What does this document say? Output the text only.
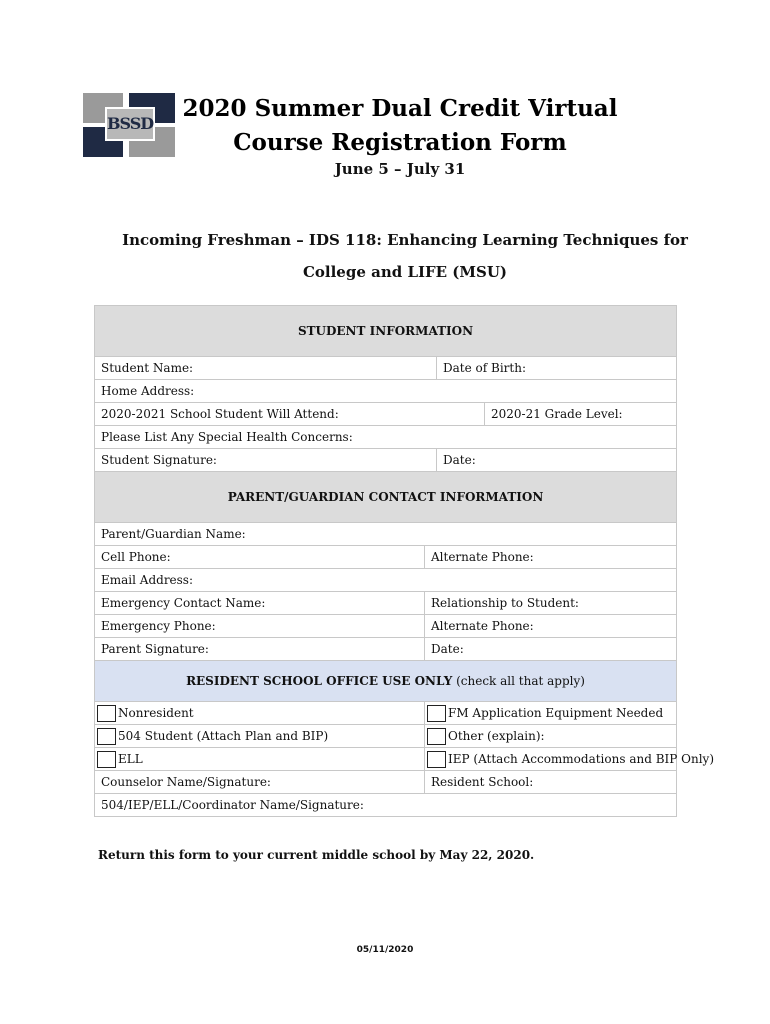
BSSD
2020 Summer Dual Credit Virtual
Course Registration Form
June 5 – July 31
Incoming Freshman – IDS 118: Enhancing Learning Techniques for
College and LIFE (MSU)
STUDENT INFORMATION			
Student Name:		Date of Birth:	
Home Address:			
2020-2021 School Student Will Attend:			2020-21 Grade Level:
Please List Any Special Health Concerns:			
Student Signature:		Date:	
PARENT/GUARDIAN CONTACT INFORMATION			
Parent/Guardian Name:			
Cell Phone:	Alternate Phone:		
Email Address:			
Emergency Contact Name:	Relationship to Student:		
Emergency Phone:	Alternate Phone:		
Parent Signature:	Date:		
RESIDENT SCHOOL OFFICE USE ONLY (check all that apply)			
Nonresident	FM Application Equipment Needed		
504 Student (Attach Plan and BIP)	Other (explain):		
ELL	IEP (Attach Accommodations and BIP Only)		
Counselor Name/Signature:	Resident School:		
504/IEP/ELL/Coordinator Name/Signature:			
Return this form to your current middle school by May 22, 2020.
05/11/2020
